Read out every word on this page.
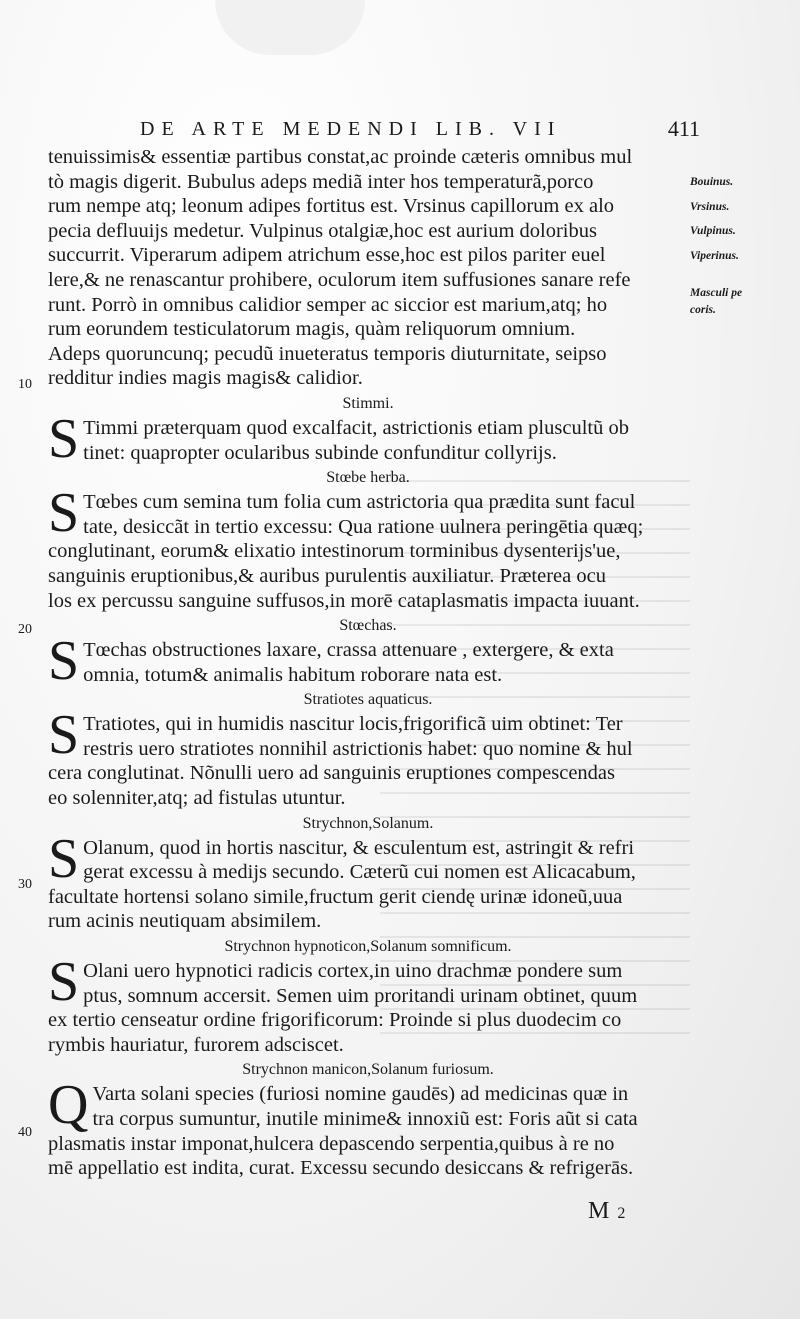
DE ARTE MEDENDI LIB. VII	411
Bouinus.
Vrsinus.
Vulpinus.
Viperinus.
Masculi pe
coris.
10
20
30
40
tenuissimis& essentiæ partibus constat,ac proinde cæteris omnibus mul
tò magis digerit. Bubulus adeps mediã inter hos temperaturã,porco
rum nempe atq; leonum adipes fortitus est. Vrsinus capillorum ex alo
pecia defluuijs medetur. Vulpinus otalgiæ,hoc est aurium doloribus
succurrit. Viperarum adipem atrichum esse,hoc est pilos pariter euel
lere,& ne renascantur prohibere, oculorum item suffusiones sanare refe
runt. Porrò in omnibus calidior semper ac siccior est marium,atq; ho
rum eorundem testiculatorum magis, quàm reliquorum omnium.
Adeps quoruncunq; pecudũ inueteratus temporis diuturnitate, seipso
redditur indies magis magis& calidior.
Stimmi.
S Timmi præterquam quod excalfacit, astrictionis etiam pluscultũ ob
tinet: quapropter ocularibus subinde confunditur collyrijs.
Stœbe herba.
S Tœbes cum semina tum folia cum astrictoria qua prædita sunt facul
tate, desiccãt in tertio excessu: Qua ratione uulnera peringētia quæq;
conglutinant, eorum& elixatio intestinorum torminibus dysenterijs'ue,
sanguinis eruptionibus,& auribus purulentis auxiliatur. Præterea ocu
los ex percussu sanguine suffusos,in morē cataplasmatis impacta iuuant.
Stœchas.
S Tœchas obstructiones laxare, crassa attenuare , extergere, & exta
omnia, totum& animalis habitum roborare nata est.
Stratiotes aquaticus.
S Tratiotes, qui in humidis nascitur locis,frigorificã uim obtinet: Ter
restris uero stratiotes nonnihil astrictionis habet: quo nomine & hul
cera conglutinat. Nõnulli uero ad sanguinis eruptiones compescendas
eo solenniter,atq; ad fistulas utuntur.
Strychnon,Solanum.
S Olanum, quod in hortis nascitur, & esculentum est, astringit & refri
gerat excessu à medijs secundo. Cæterũ cui nomen est Alicacabum,
facultate hortensi solano simile,fructum gerit ciendę urinæ idoneũ,uua
rum acinis neutiquam absimilem.
Strychnon hypnoticon,Solanum somnificum.
S Olani uero hypnotici radicis cortex,in uino drachmæ pondere sum
ptus, somnum accersit. Semen uim proritandi urinam obtinet, quum
ex tertio censeatur ordine frigorificorum: Proinde si plus duodecim co
rymbis hauriatur, furorem adsciscet.
Strychnon manicon,Solanum furiosum.
Q Varta solani species (furiosi nomine gaudēs) ad medicinas quæ in
tra corpus sumuntur, inutile minime& innoxiũ est: Foris aũt si cata
plasmatis instar imponat,hulcera depascendo serpentia,quibus à re no
mē appellatio est indita, curat. Excessu secundo desiccans & refrigerās.
M 2
